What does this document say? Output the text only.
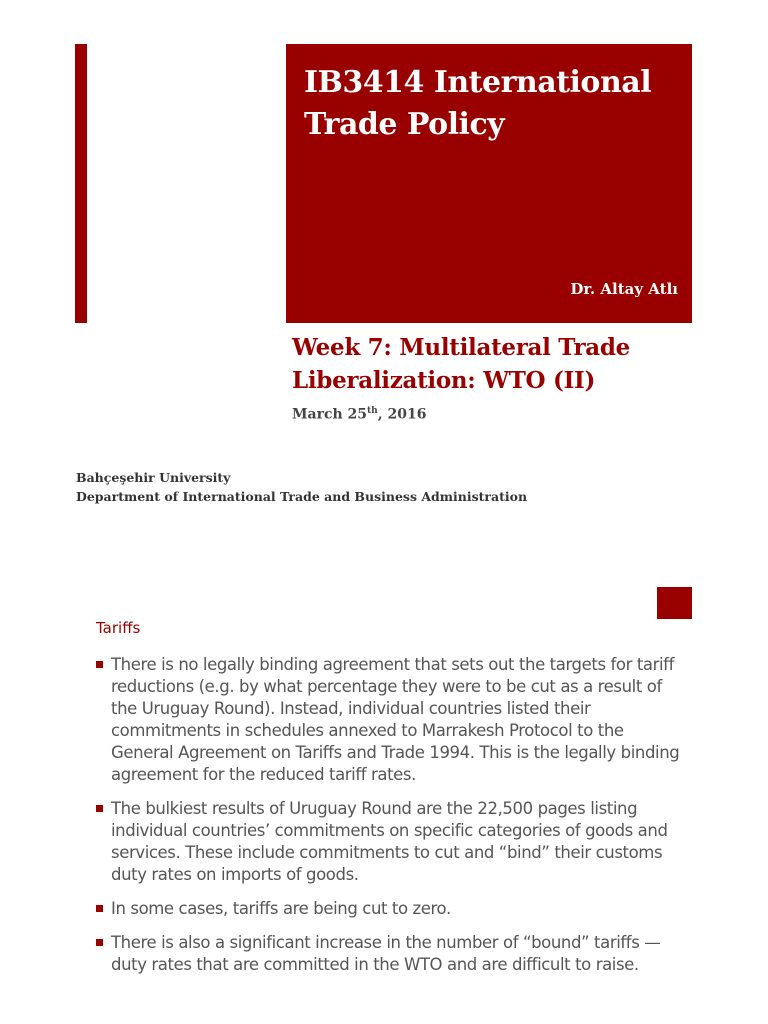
IB3414 International Trade Policy
Dr. Altay Atlı
Week 7: Multilateral Trade Liberalization: WTO (II)
March 25th, 2016
Bahçeşehir University
Department of International Trade and Business Administration
Tariffs
There is no legally binding agreement that sets out the targets for tariff reductions (e.g. by what percentage they were to be cut as a result of the Uruguay Round). Instead, individual countries listed their commitments in schedules annexed to Marrakesh Protocol to the General Agreement on Tariffs and Trade 1994. This is the legally binding agreement for the reduced tariff rates.
The bulkiest results of Uruguay Round are the 22,500 pages listing individual countries’ commitments on specific categories of goods and services. These include commitments to cut and “bind” their customs duty rates on imports of goods.
In some cases, tariffs are being cut to zero.
There is also a significant increase in the number of “bound” tariffs — duty rates that are committed in the WTO and are difficult to raise.
